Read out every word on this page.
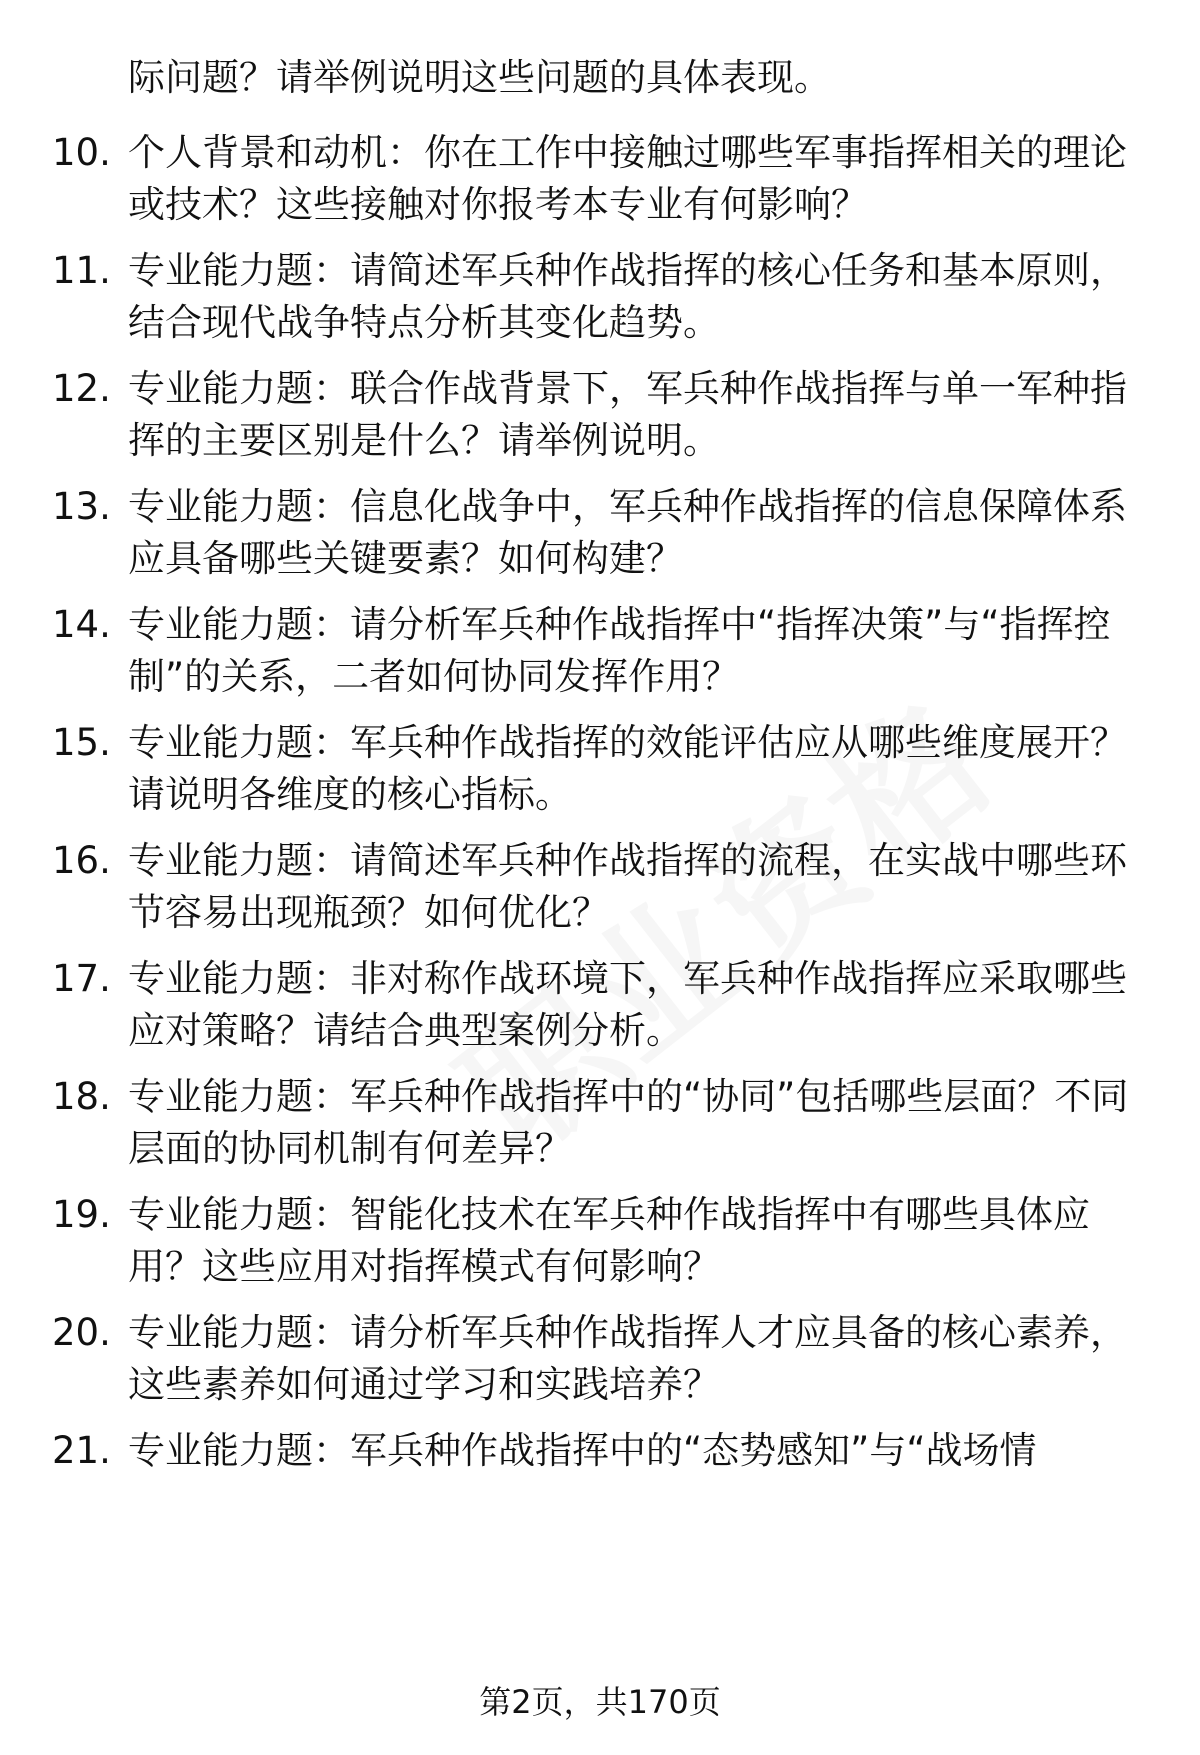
际问题？请举例说明这些问题的具体表现。
10. 个人背景和动机：你在工作中接触过哪些军事指挥相关的理论或技术？这些接触对你报考本专业有何影响？
11. 专业能力题：请简述军兵种作战指挥的核心任务和基本原则，结合现代战争特点分析其变化趋势。
12. 专业能力题：联合作战背景下，军兵种作战指挥与单一军种指挥的主要区别是什么？请举例说明。
13. 专业能力题：信息化战争中，军兵种作战指挥的信息保障体系应具备哪些关键要素？如何构建？
14. 专业能力题：请分析军兵种作战指挥中“指挥决策”与“指挥控制”的关系，二者如何协同发挥作用？
15. 专业能力题：军兵种作战指挥的效能评估应从哪些维度展开？请说明各维度的核心指标。
16. 专业能力题：请简述军兵种作战指挥的流程，在实战中哪些环节容易出现瓶颈？如何优化？
17. 专业能力题：非对称作战环境下，军兵种作战指挥应采取哪些应对策略？请结合典型案例分析。
18. 专业能力题：军兵种作战指挥中的“协同”包括哪些层面？不同层面的协同机制有何差异？
19. 专业能力题：智能化技术在军兵种作战指挥中有哪些具体应用？这些应用对指挥模式有何影响？
20. 专业能力题：请分析军兵种作战指挥人才应具备的核心素养，这些素养如何通过学习和实践培养？
21. 专业能力题：军兵种作战指挥中的“态势感知”与“战场情
第2页，共170页
